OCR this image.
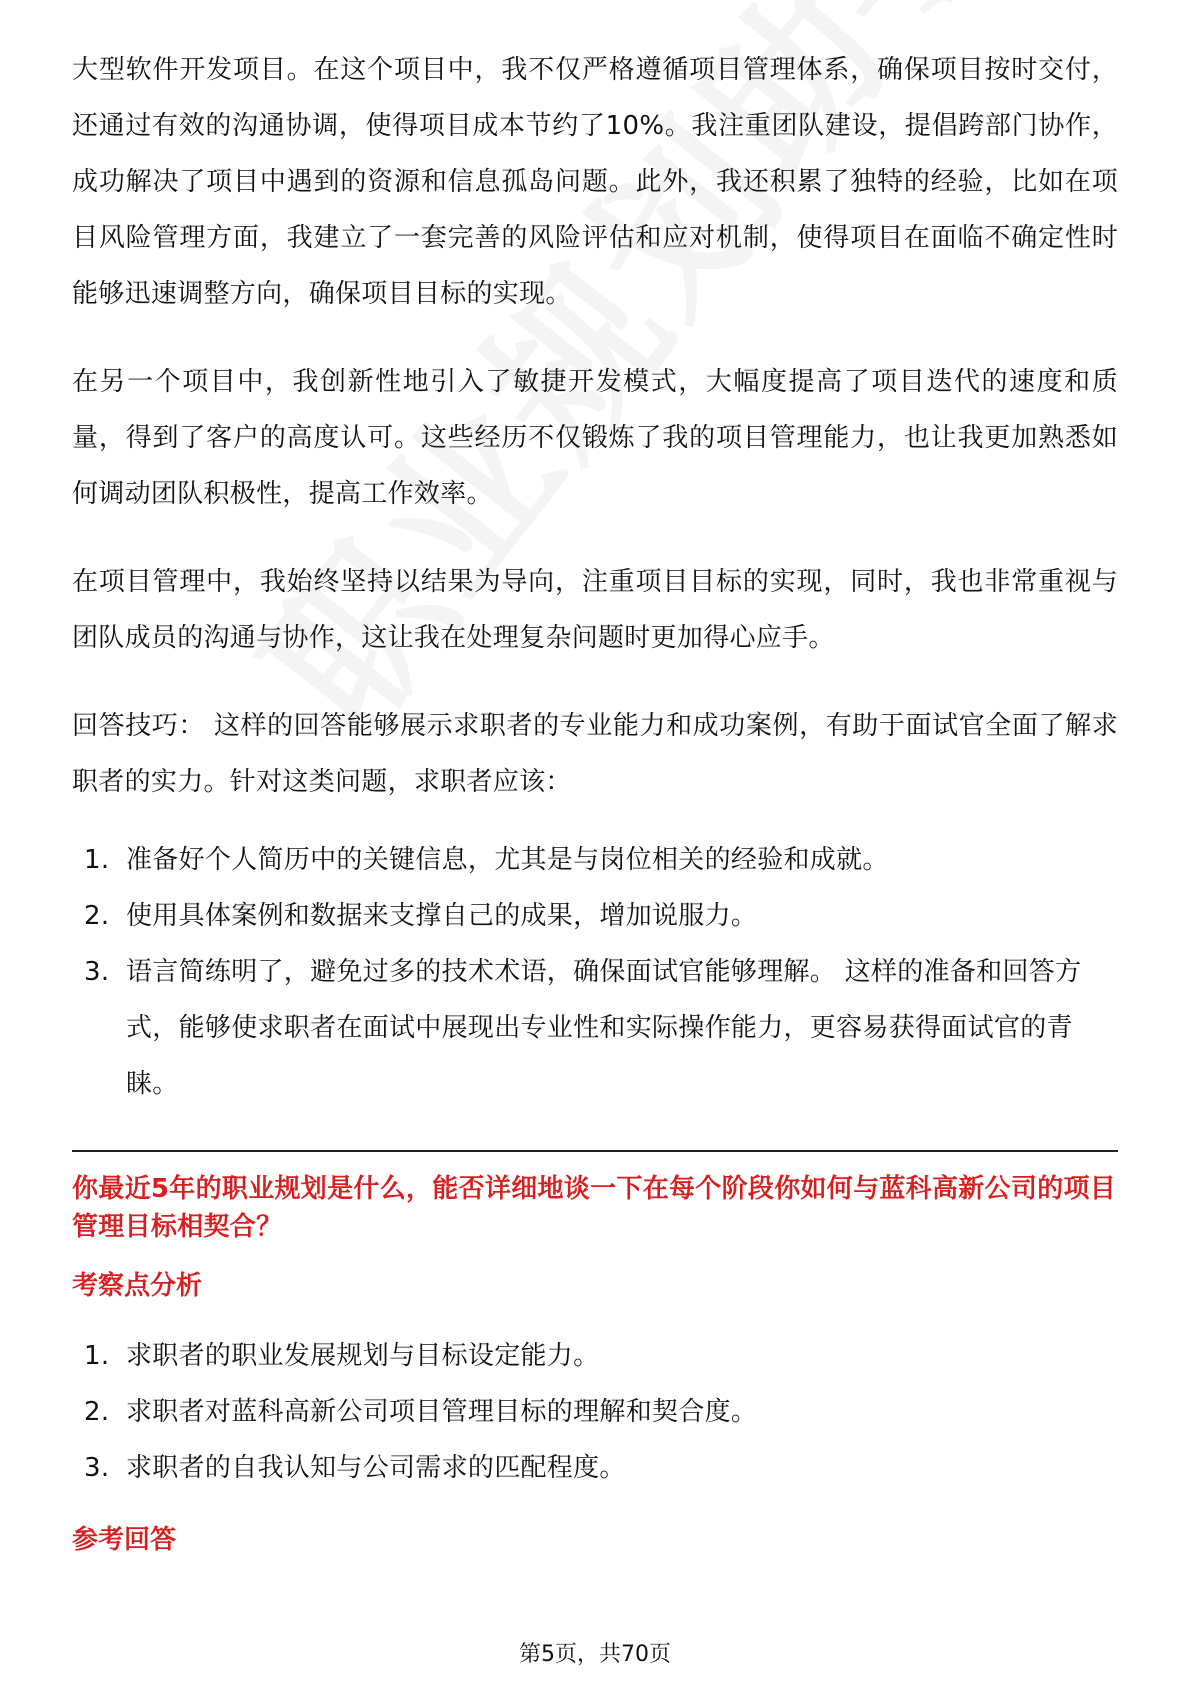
大型软件开发项目。在这个项目中，我不仅严格遵循项目管理体系，确保项目按时交付，还通过有效的沟通协调，使得项目成本节约了10%。我注重团队建设，提倡跨部门协作，成功解决了项目中遇到的资源和信息孤岛问题。此外，我还积累了独特的经验，比如在项目风险管理方面，我建立了一套完善的风险评估和应对机制，使得项目在面临不确定性时能够迅速调整方向，确保项目目标的实现。

在另一个项目中，我创新性地引入了敏捷开发模式，大幅度提高了项目迭代的速度和质量，得到了客户的高度认可。这些经历不仅锻炼了我的项目管理能力，也让我更加熟悉如何调动团队积极性，提高工作效率。

在项目管理中，我始终坚持以结果为导向，注重项目目标的实现，同时，我也非常重视与团队成员的沟通与协作，这让我在处理复杂问题时更加得心应手。

回答技巧： 这样的回答能够展示求职者的专业能力和成功案例，有助于面试官全面了解求职者的实力。针对这类问题，求职者应该：

1. 准备好个人简历中的关键信息，尤其是与岗位相关的经验和成就。
2. 使用具体案例和数据来支撑自己的成果，增加说服力。
3. 语言简练明了，避免过多的技术术语，确保面试官能够理解。 这样的准备和回答方式，能够使求职者在面试中展现出专业性和实际操作能力，更容易获得面试官的青睐。

你最近5年的职业规划是什么，能否详细地谈一下在每个阶段你如何与蓝科高新公司的项目管理目标相契合？

考察点分析

1. 求职者的职业发展规划与目标设定能力。
2. 求职者对蓝科高新公司项目管理目标的理解和契合度。
3. 求职者的自我认知与公司需求的匹配程度。

参考回答

第5页，共70页
